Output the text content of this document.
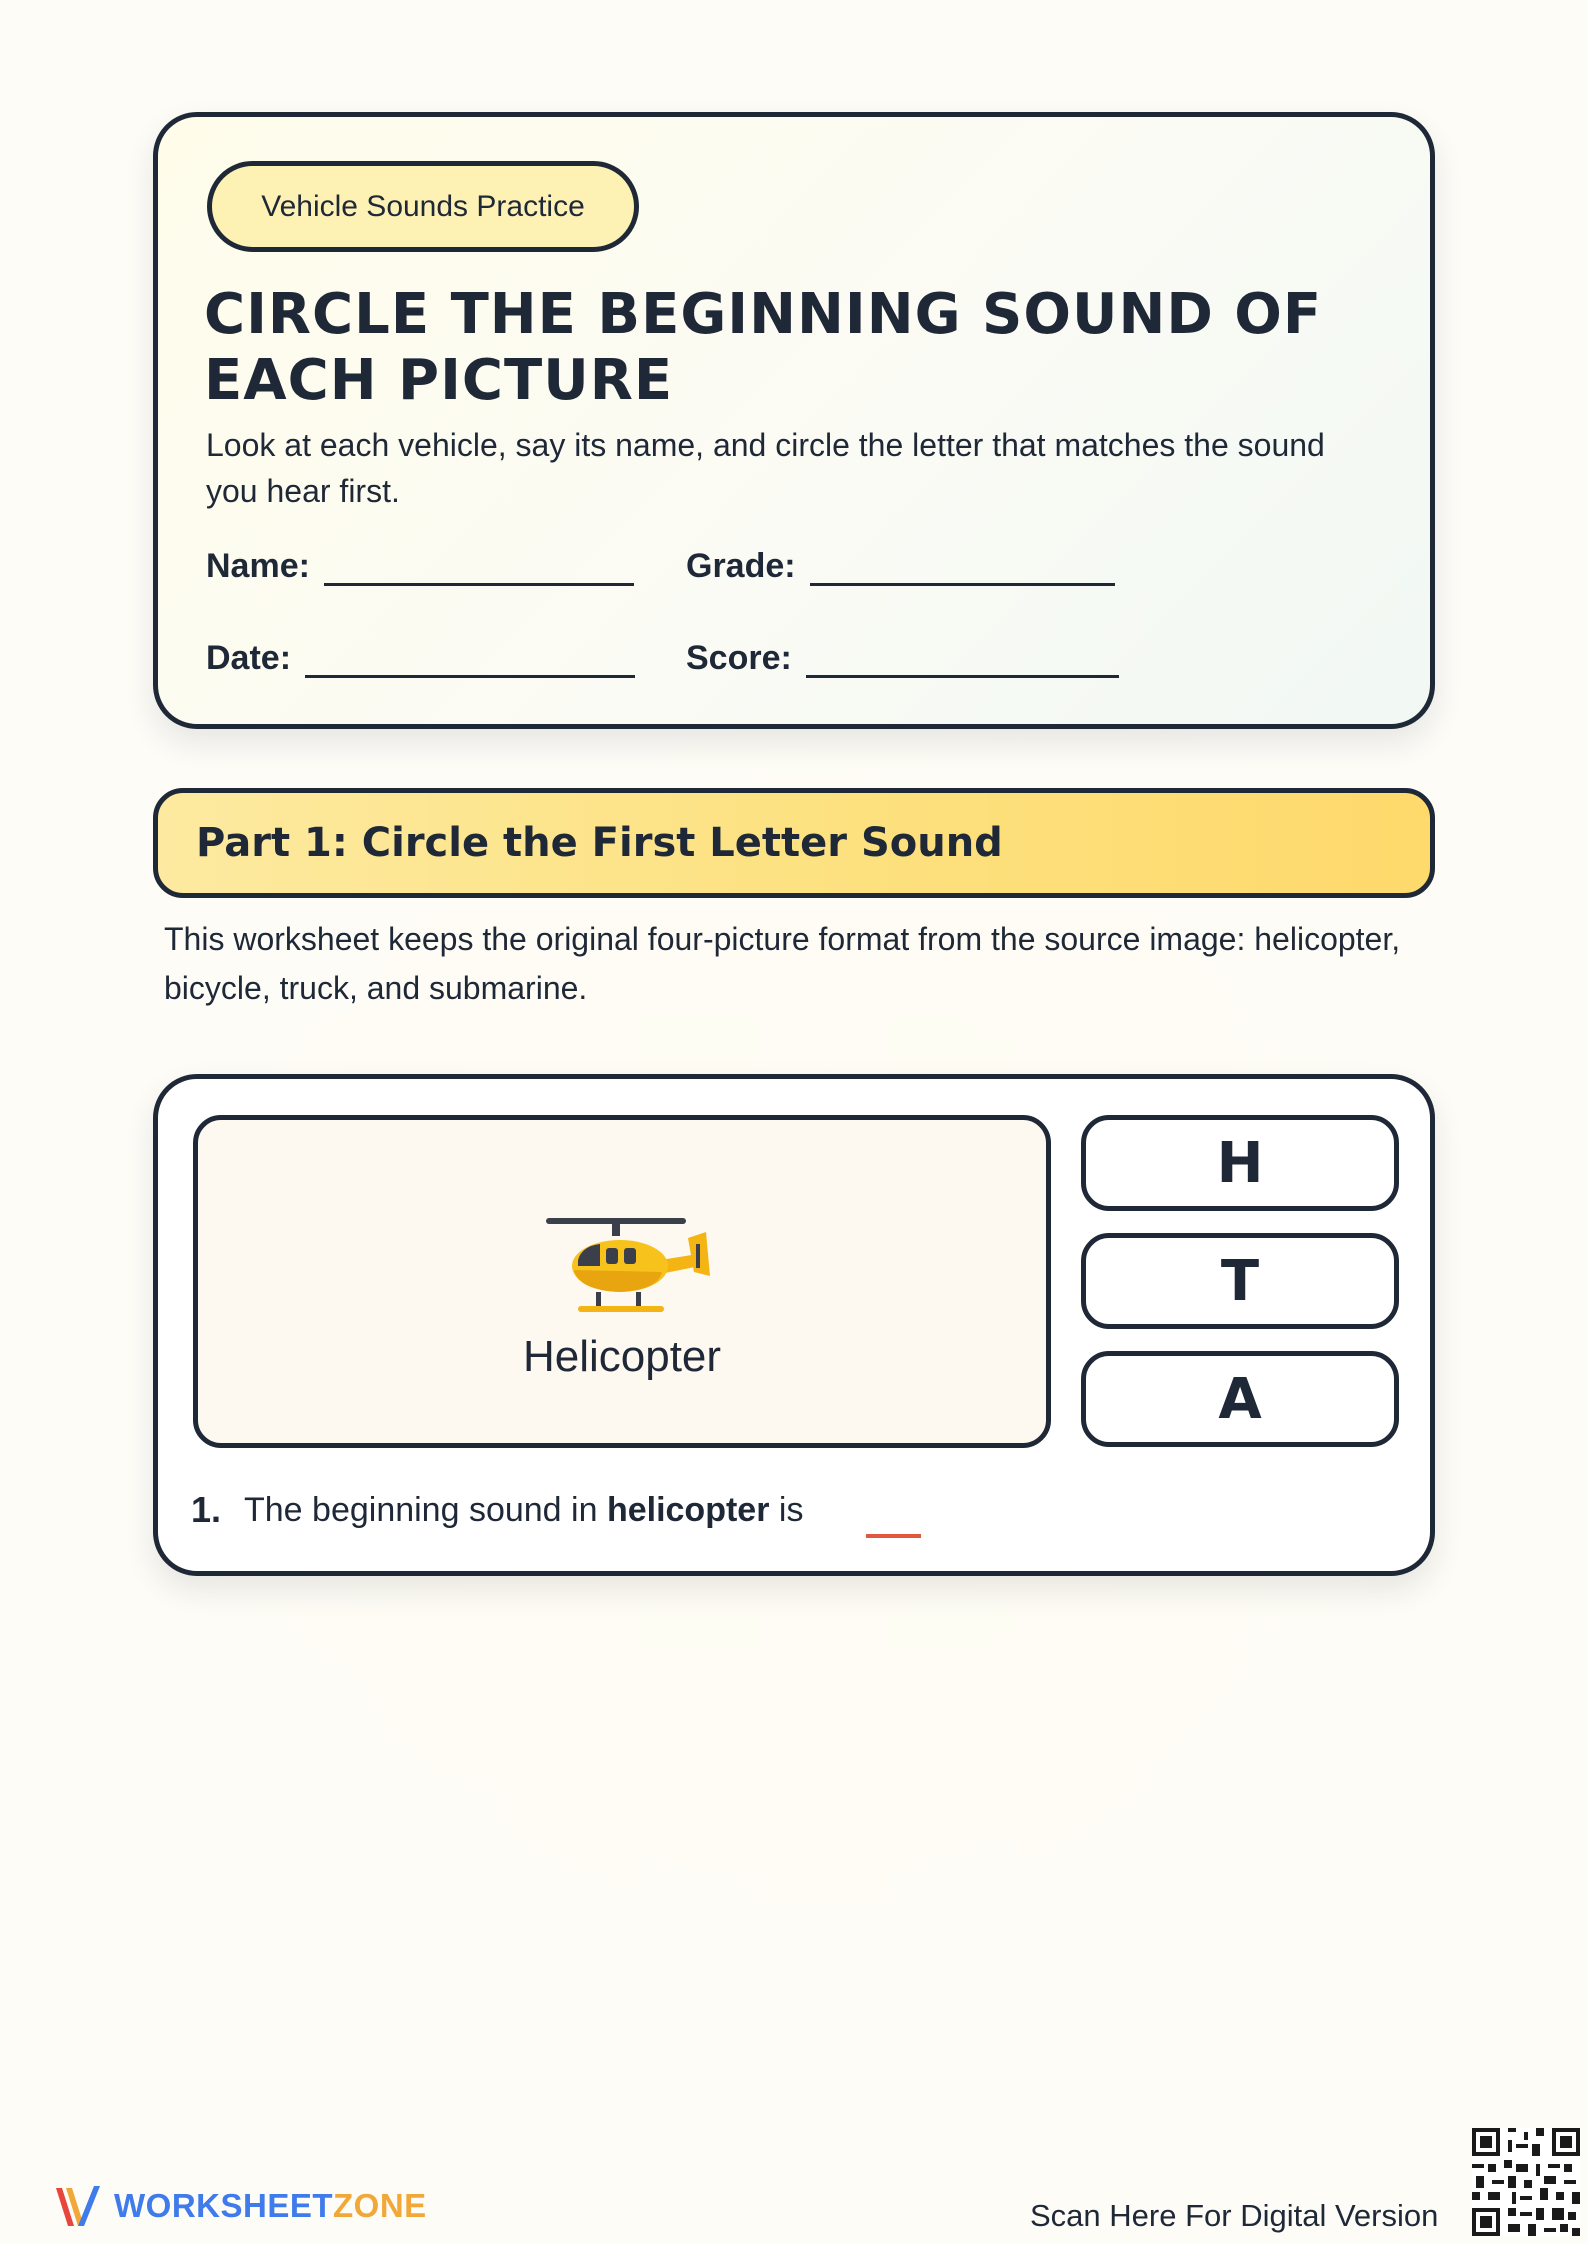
Vehicle Sounds Practice
CIRCLE THE BEGINNING SOUND OF EACH PICTURE

Look at each vehicle, say its name, and circle the letter that matches the sound you hear first.

Name:	Grade:
Date:	Score:
Part 1: Circle the First Letter Sound

This worksheet keeps the original four-picture format from the source image: helicopter, bicycle, truck, and submarine.

Helicopter
H
T
A
1. The beginning sound in helicopter is
WORKSHEETZONE	Scan Here For Digital Version
